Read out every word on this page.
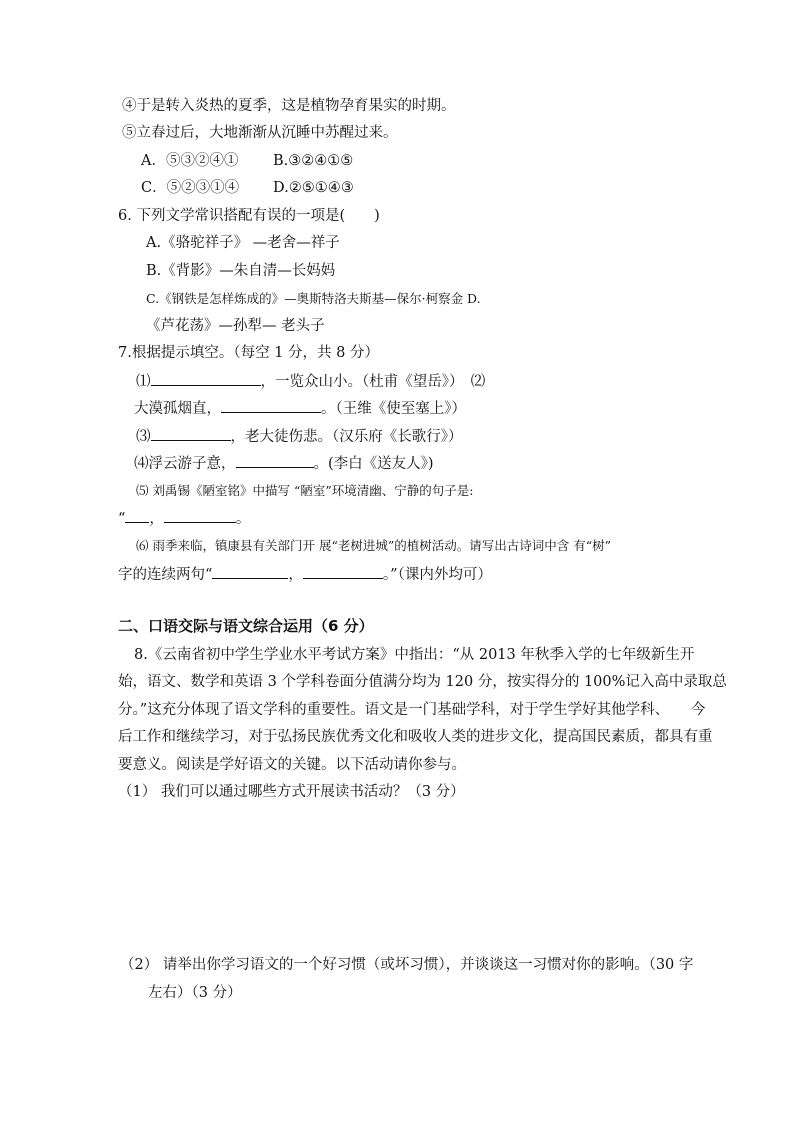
④于是转入炎热的夏季，这是植物孕育果实的时期。
⑤立春过后，大地渐渐从沉睡中苏醒过来。
A．⑤③②④① B.③②④①⑤
C．⑤②③①④ D.②⑤①④③
6. 下列文学常识搭配有误的一项是(　　)
A.《骆驼祥子》 —老舍—祥子
B.《背影》—朱自清—长妈妈
C.《钢铁是怎样炼成的》—奥斯特洛夫斯基—保尔·柯察金 D.
《芦花荡》—孙犁— 老头子
7.根据提示填空。（每空 1 分，共 8 分）
⑴	，一览众山小。（杜甫《望岳》）　⑵
大漠孤烟直，	。（王维《使至塞上》）
⑶	，老大徒伤悲。（汉乐府《长歌行》）
⑷浮云游子意，	。(李白《送友人》)
⑸ 刘禹锡《陋室铭》中描写 “陋室”环境清幽、宁静的句子是:
“ ，	。
⑹ 雨季来临，镇康县有关部门开 展“老树进城”的植树活动。请写出古诗词中含 有“树”
字的连续两句“	，	。”（课内外均可）
二、口语交际与语文综合运用（6 分）
8.《云南省初中学生学业水平考试方案》中指出：“从 2013 年秋季入学的七年级新生开
始，语文、数学和英语 3 个学科卷面分值满分均为 120 分，按实得分的 100%记入高中录取总
分。”这充分体现了语文学科的重要性。语文是一门基础学科，对于学生学好其他学科、　　今
后工作和继续学习，对于弘扬民族优秀文化和吸收人类的进步文化，提高国民素质，都具有重
要意义。阅读是学好语文的关键。以下活动请你参与。
（1） 我们可以通过哪些方式开展读书活动？（3 分）
（2） 请举出你学习语文的一个好习惯（或坏习惯），并谈谈这一习惯对你的影响。（30 字
左右）（3 分）
